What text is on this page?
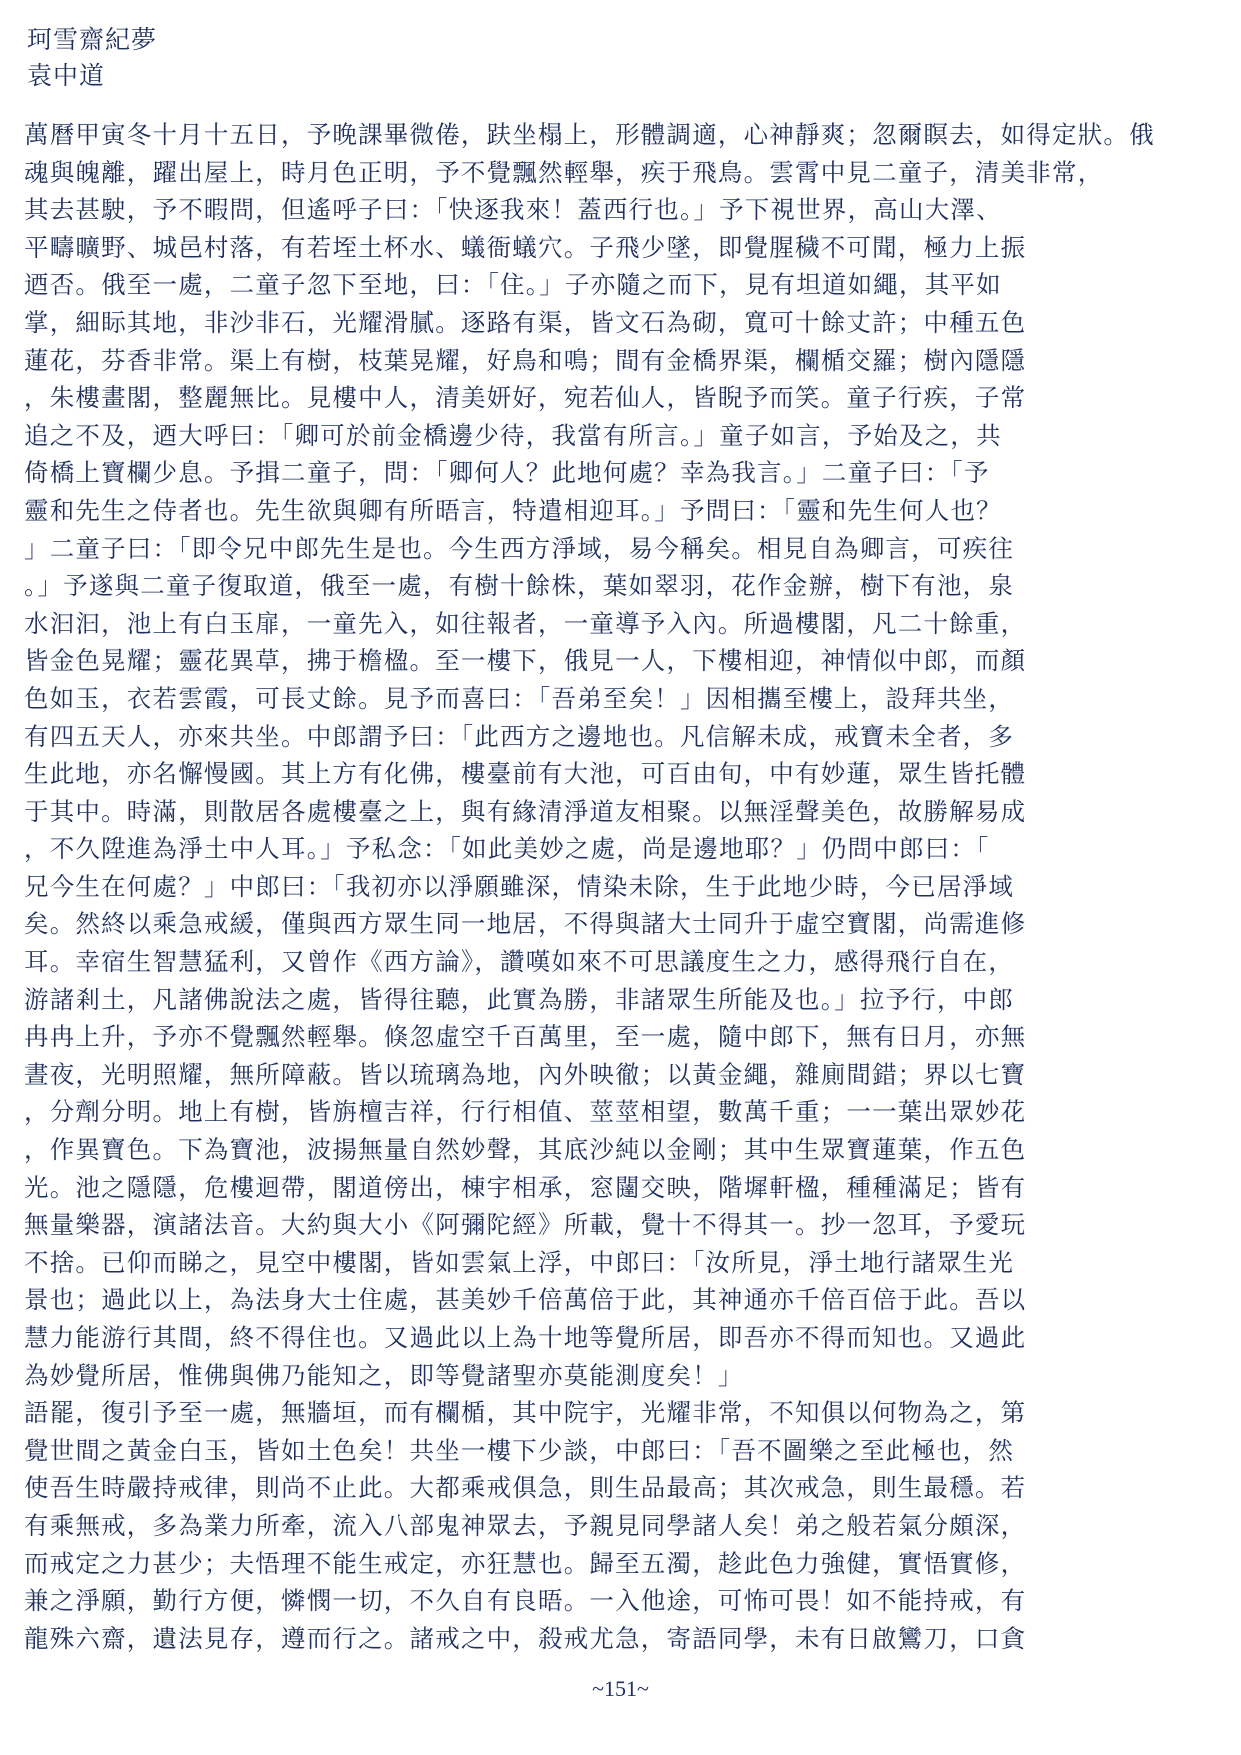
珂雪齋紀夢
袁中道
萬曆甲寅冬十月十五日，予晚課畢微倦，趺坐榻上，形體調適，心神靜爽；忽爾瞑去，如得定狀。俄
魂與魄離，躍出屋上，時月色正明，予不覺飄然輕舉，疾于飛鳥。雲霄中見二童子，清美非常，
其去甚駛，予不暇問，但遙呼子曰：「快逐我來！蓋西行也。」予下視世界，高山大澤、
平疇曠野、城邑村落，有若垤土杯水、蟻衙蟻穴。子飛少墜，即覺腥穢不可聞，極力上振
迺否。俄至一處，二童子忽下至地，曰：「住。」子亦隨之而下，見有坦道如繩，其平如
掌，細眎其地，非沙非石，光耀滑膩。逐路有渠，皆文石為砌，寬可十餘丈許；中種五色
蓮花，芬香非常。渠上有樹，枝葉晃耀，好鳥和鳴；間有金橋界渠，欄楯交羅；樹內隱隱
，朱樓畫閣，整麗無比。見樓中人，清美妍好，宛若仙人，皆睨予而笑。童子行疾，子常
追之不及，迺大呼曰：「卿可於前金橋邊少待，我當有所言。」童子如言，予始及之，共
倚橋上寶欄少息。予揖二童子，問：「卿何人？此地何處？幸為我言。」二童子曰：「予
靈和先生之侍者也。先生欲與卿有所晤言，特遣相迎耳。」予問曰：「靈和先生何人也？
」二童子曰：「即令兄中郎先生是也。今生西方淨域，易今稱矣。相見自為卿言，可疾往
。」予遂與二童子復取道，俄至一處，有樹十餘株，葉如翠羽，花作金辦，樹下有池，泉
水汩汩，池上有白玉扉，一童先入，如往報者，一童導予入內。所過樓閣，凡二十餘重，
皆金色晃耀；靈花異草，拂于檐楹。至一樓下，俄見一人，下樓相迎，神情似中郎，而顏
色如玉，衣若雲霞，可長丈餘。見予而喜曰：「吾弟至矣！」因相攜至樓上，設拜共坐，
有四五天人，亦來共坐。中郎謂予曰：「此西方之邊地也。凡信解未成，戒寶未全者，多
生此地，亦名懈慢國。其上方有化佛，樓臺前有大池，可百由旬，中有妙蓮，眾生皆托體
于其中。時滿，則散居各處樓臺之上，與有緣清淨道友相聚。以無淫聲美色，故勝解易成
，不久陞進為淨土中人耳。」予私念：「如此美妙之處，尚是邊地耶？」仍問中郎曰：「
兄今生在何處？」中郎曰：「我初亦以淨願雖深，情染未除，生于此地少時，今已居淨域
矣。然終以乘急戒緩，僅與西方眾生同一地居，不得與諸大士同升于虛空寶閣，尚需進修
耳。幸宿生智慧猛利，又曾作《西方論》，讚嘆如來不可思議度生之力，感得飛行自在，
游諸剎土，凡諸佛說法之處，皆得往聽，此實為勝，非諸眾生所能及也。」拉予行，中郎
冉冉上升，予亦不覺飄然輕舉。倏忽虛空千百萬里，至一處，隨中郎下，無有日月，亦無
晝夜，光明照耀，無所障蔽。皆以琉璃為地，內外映徹；以黃金繩，雜廁間錯；界以七寶
，分劑分明。地上有樹，皆旃檀吉祥，行行相值、莖莖相望，數萬千重；一一葉出眾妙花
，作異寶色。下為寶池，波揚無量自然妙聲，其底沙純以金剛；其中生眾寶蓮葉，作五色
光。池之隱隱，危樓迴帶，閣道傍出，棟宇相承，窓闥交映，階墀軒楹，種種滿足；皆有
無量樂器，演諸法音。大約與大小《阿彌陀經》所載，覺十不得其一。抄一忽耳，予愛玩
不捨。已仰而睇之，見空中樓閣，皆如雲氣上浮，中郎曰：「汝所見，淨土地行諸眾生光
景也；過此以上，為法身大士住處，甚美妙千倍萬倍于此，其神通亦千倍百倍于此。吾以
慧力能游行其間，終不得住也。又過此以上為十地等覺所居，即吾亦不得而知也。又過此
為妙覺所居，惟佛與佛乃能知之，即等覺諸聖亦莫能測度矣！」
語罷，復引予至一處，無牆垣，而有欄楯，其中院宇，光耀非常，不知俱以何物為之，第
覺世間之黃金白玉，皆如土色矣！共坐一樓下少談，中郎曰：「吾不圖樂之至此極也，然
使吾生時嚴持戒律，則尚不止此。大都乘戒俱急，則生品最高；其次戒急，則生最穩。若
有乘無戒，多為業力所牽，流入八部鬼神眾去，予親見同學諸人矣！弟之般若氣分頗深，
而戒定之力甚少；夫悟理不能生戒定，亦狂慧也。歸至五濁，趁此色力強健，實悟實修，
兼之淨願，勤行方便，憐憫一切，不久自有良晤。一入他途，可怖可畏！如不能持戒，有
龍殊六齋，遺法見存，遵而行之。諸戒之中，殺戒尤急，寄語同學，未有日啟鸞刀，口貪
~151~
